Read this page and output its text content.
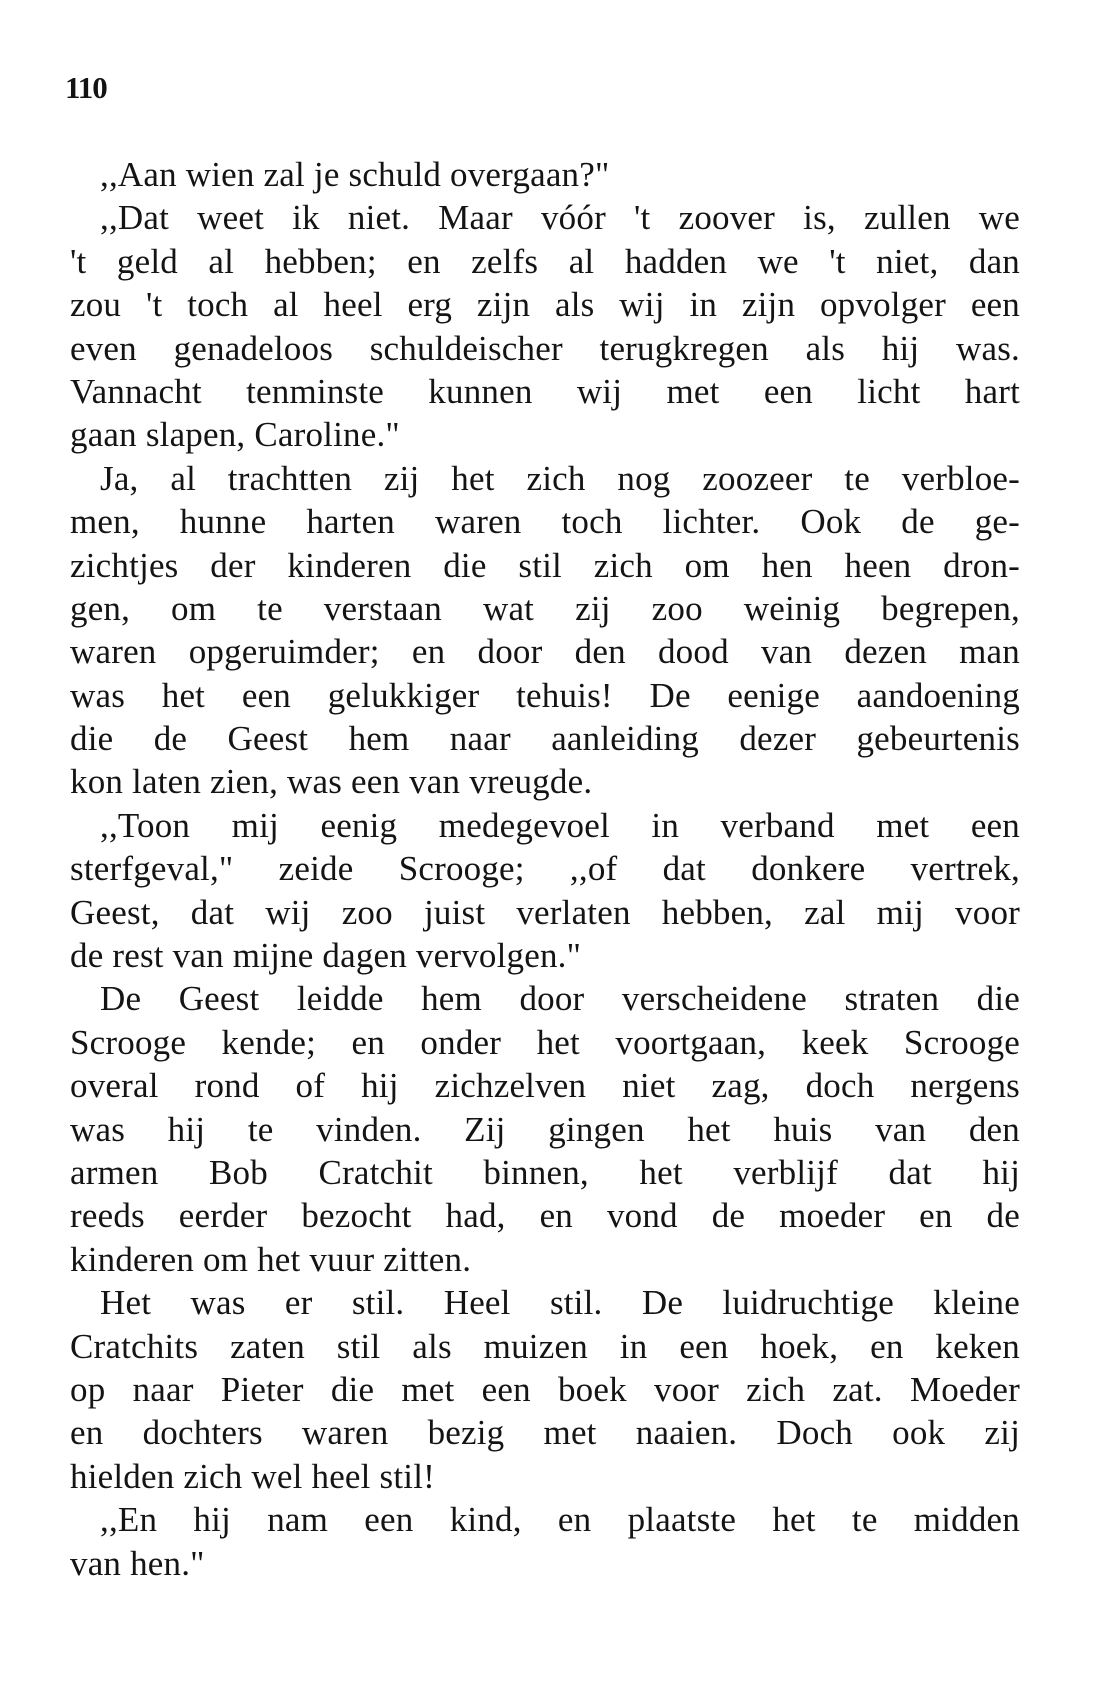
110
,,Aan wien zal je schuld overgaan?"
,,Dat weet ik niet. Maar vóór 't zoover is, zullen we
't geld al hebben; en zelfs al hadden we 't niet, dan
zou 't toch al heel erg zijn als wij in zijn opvolger een
even genadeloos schuldeischer terugkregen als hij was.
Vannacht tenminste kunnen wij met een licht hart
gaan slapen, Caroline."
Ja, al trachtten zij het zich nog zoozeer te verbloe-
men, hunne harten waren toch lichter. Ook de ge-
zichtjes der kinderen die stil zich om hen heen dron-
gen, om te verstaan wat zij zoo weinig begrepen,
waren opgeruimder; en door den dood van dezen man
was het een gelukkiger tehuis! De eenige aandoening
die de Geest hem naar aanleiding dezer gebeurtenis
kon laten zien, was een van vreugde.
,,Toon mij eenig medegevoel in verband met een
sterfgeval," zeide Scrooge; ,,of dat donkere vertrek,
Geest, dat wij zoo juist verlaten hebben, zal mij voor
de rest van mijne dagen vervolgen."
De Geest leidde hem door verscheidene straten die
Scrooge kende; en onder het voortgaan, keek Scrooge
overal rond of hij zichzelven niet zag, doch nergens
was hij te vinden. Zij gingen het huis van den
armen Bob Cratchit binnen, het verblijf dat hij
reeds eerder bezocht had, en vond de moeder en de
kinderen om het vuur zitten.
Het was er stil. Heel stil. De luidruchtige kleine
Cratchits zaten stil als muizen in een hoek, en keken
op naar Pieter die met een boek voor zich zat. Moeder
en dochters waren bezig met naaien. Doch ook zij
hielden zich wel heel stil!
,,En hij nam een kind, en plaatste het te midden
van hen."
